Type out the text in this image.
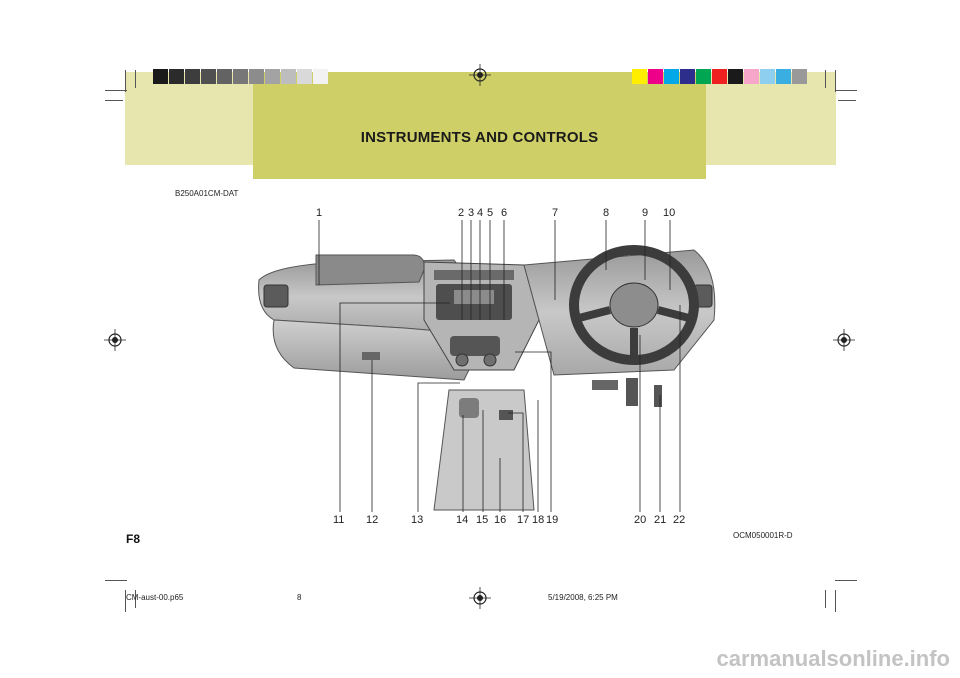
INSTRUMENTS AND CONTROLS
B250A01CM-DAT
1	2 3 4 5 6	7	8	9 10
11 12	13	14 15 16 17 18 19	20 21 22
F8	OCM050001R-D
CM-aust-00.p65	8	5/19/2008, 6:25 PM
carmanualsonline.info
